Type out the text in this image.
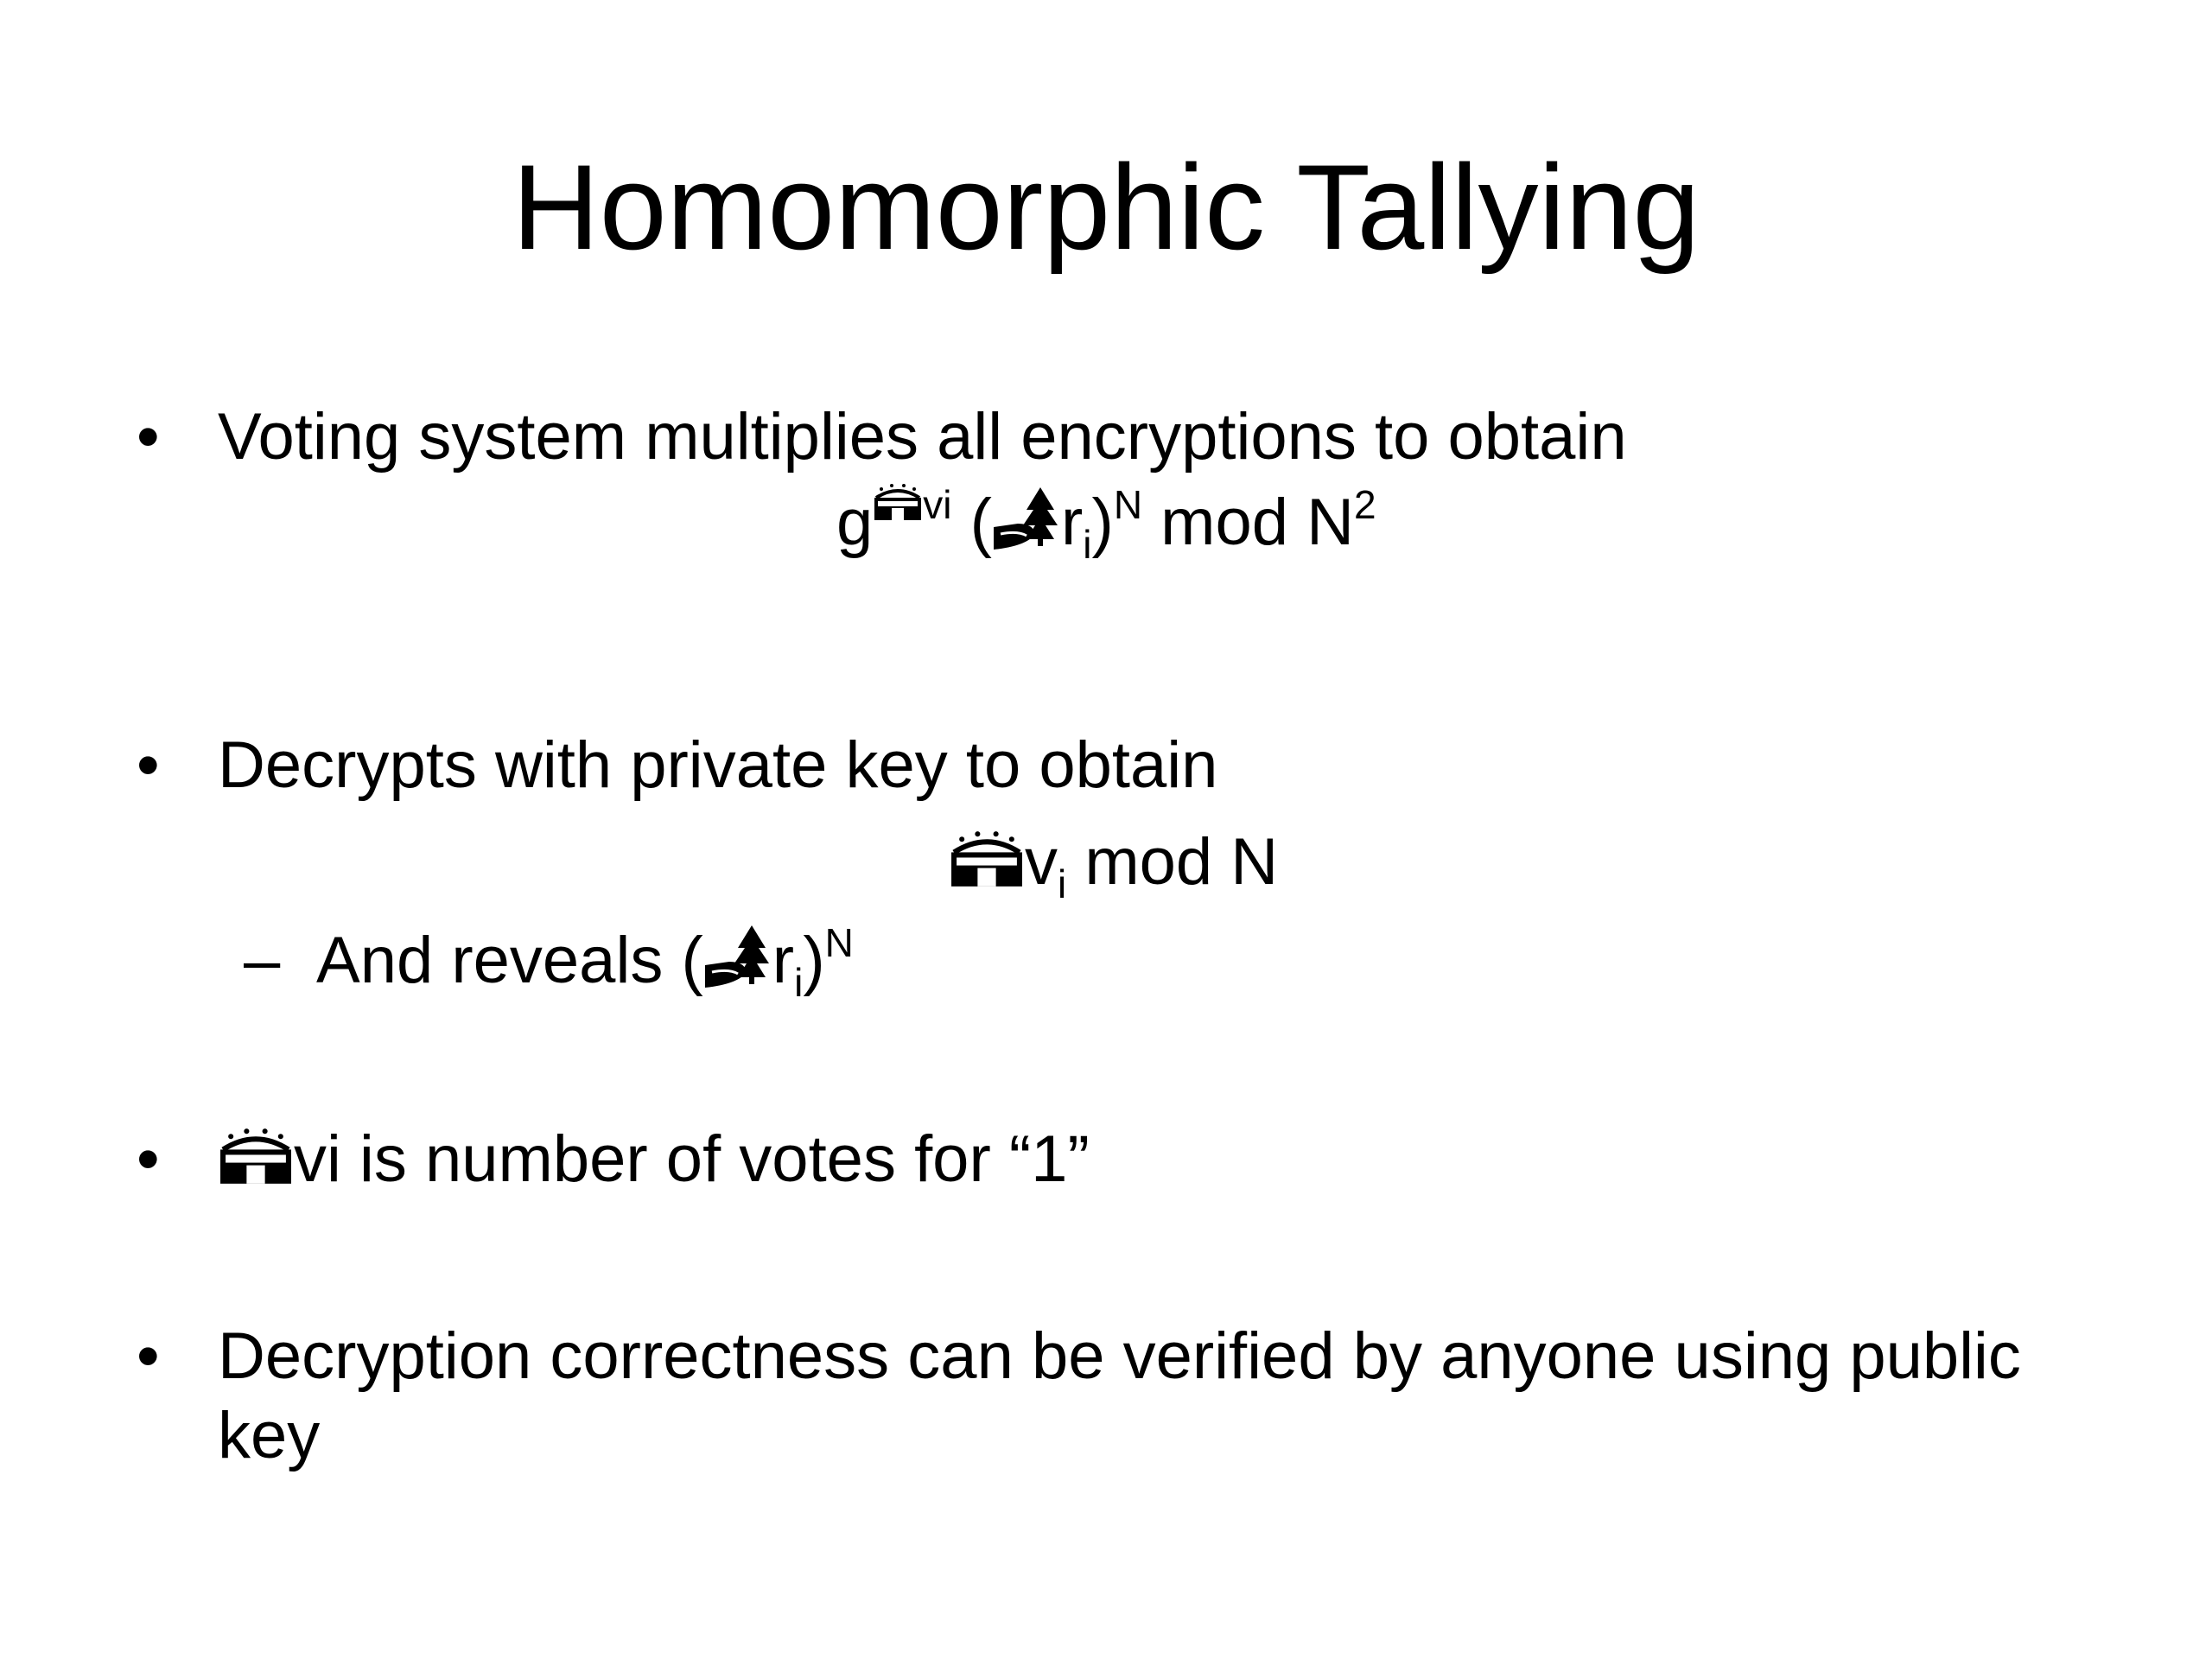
Homomorphic Tallying
• Voting system multiplies all encryptions to obtain
g $^{vi}$ ( $r_i)^N$ mod $N^2$
• Decrypts with private key to obtain
$v_i$ mod N
– And reveals ( $r_i)^N$
•	vi is number of votes for “1”
• Decryption correctness can be verified by anyone using public
key
